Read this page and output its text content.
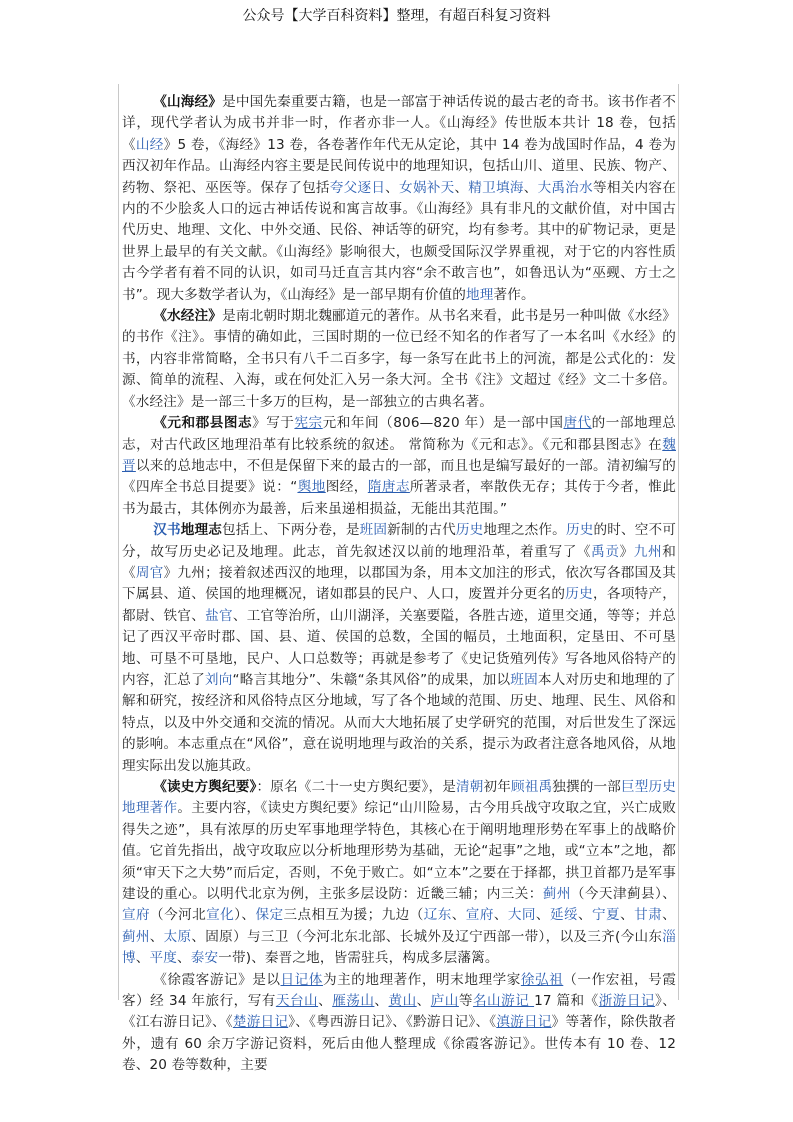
公众号【大学百科资料】整理，有超百科复习资料

《山海经》是中国先秦重要古籍，也是一部富于神话传说的最古老的奇书。该书作者不详，现代学者认为成书并非一时，作者亦非一人。《山海经》传世版本共计 18 卷，包括《山经》5 卷，《海经》13 卷，各卷著作年代无从定论，其中 14 卷为战国时作品，4 卷为西汉初年作品。山海经内容主要是民间传说中的地理知识，包括山川、道里、民族、物产、药物、祭祀、巫医等。保存了包括夸父逐日、女娲补天、精卫填海、大禹治水等相关内容在内的不少脍炙人口的远古神话传说和寓言故事。《山海经》具有非凡的文献价值，对中国古代历史、地理、文化、中外交通、民俗、神话等的研究，均有参考。其中的矿物记录，更是世界上最早的有关文献。《山海经》影响很大，也颇受国际汉学界重视，对于它的内容性质古今学者有着不同的认识，如司马迁直言其内容“余不敢言也”，如鲁迅认为“巫觋、方士之书”。现大多数学者认为，《山海经》是一部早期有价值的地理著作。

《水经注》是南北朝时期北魏郦道元的著作。从书名来看，此书是另一种叫做《水经》的书作《注》。事情的确如此，三国时期的一位已经不知名的作者写了一本名叫《水经》的书，内容非常简略，全书只有八千二百多字，每一条写在此书上的河流，都是公式化的：发源、简单的流程、入海，或在何处汇入另一条大河。全书《注》文超过《经》文二十多倍。《水经注》是一部三十多万的巨构，是一部独立的古典名著。

《元和郡县图志》写于宪宗元和年间（806—820 年）是一部中国唐代的一部地理总志，对古代政区地理沿革有比较系统的叙述。 常简称为《元和志》。《元和郡县图志》在魏晋以来的总地志中，不但是保留下来的最古的一部，而且也是编写最好的一部。清初编写的《四库全书总目提要》说：“舆地图经，隋唐志所著录者，率散佚无存；其传于今者，惟此书为最古，其体例亦为最善，后来虽递相损益，无能出其范围。”

汉书地理志包括上、下两分卷，是班固新制的古代历史地理之杰作。历史的时、空不可分，故写历史必记及地理。此志，首先叙述汉以前的地理沿革，着重写了《禹贡》九州和《周官》九州；接着叙述西汉的地理，以郡国为条，用本文加注的形式，依次写各郡国及其下属县、道、侯国的地理概况，诸如郡县的民户、人口，废置并分更名的历史，各项特产，都尉、铁官、盐官、工官等治所，山川湖泽，关塞要隘，各胜古迹，道里交通，等等；并总记了西汉平帝时郡、国、县、道、侯国的总数，全国的幅员，土地面积，定垦田、不可垦地、可垦不可垦地，民户、人口总数等；再就是参考了《史记货殖列传》写各地风俗特产的内容，汇总了刘向“略言其地分”、朱赣“条其风俗”的成果，加以班固本人对历史和地理的了解和研究，按经济和风俗特点区分地域，写了各个地域的范围、历史、地理、民生、风俗和特点，以及中外交通和交流的情况。从而大大地拓展了史学研究的范围，对后世发生了深远的影响。本志重点在“风俗”，意在说明地理与政治的关系，提示为政者注意各地风俗，从地理实际出发以施其政。

《读史方舆纪要》：原名《二十一史方舆纪要》，是清朝初年顾祖禹独撰的一部巨型历史地理著作。主要内容，《读史方舆纪要》综记“山川险易，古今用兵战守攻取之宜，兴亡成败得失之迹”，具有浓厚的历史军事地理学特色，其核心在于阐明地理形势在军事上的战略价值。它首先指出，战守攻取应以分析地理形势为基础，无论“起事”之地，或“立本”之地，都须“审天下之大势”而后定，否则，不免于败亡。如“立本”之要在于择都，拱卫首都乃是军事建设的重心。以明代北京为例，主张多层设防：近畿三辅；内三关：蓟州（今天津蓟县）、宣府（今河北宣化）、保定三点相互为援；九边（辽东、宣府、大同、延绥、宁夏、甘肃、蓟州、太原、固原）与三卫（今河北东北部、长城外及辽宁西部一带），以及三齐(今山东淄博、平度、泰安一带)、秦晋之地，皆需驻兵，构成多层藩篱。

《徐霞客游记》是以日记体为主的地理著作，明末地理学家徐弘祖（一作宏祖，号霞客）经 34 年旅行，写有天台山、雁荡山、黄山、庐山等名山游记 17 篇和《浙游日记》、《江右游日记》、《楚游日记》、《粤西游日记》、《黔游日记》、《滇游日记》等著作，除佚散者外，遗有 60 余万字游记资料，死后由他人整理成《徐霞客游记》。世传本有 10 卷、12 卷、20 卷等数种，主要
